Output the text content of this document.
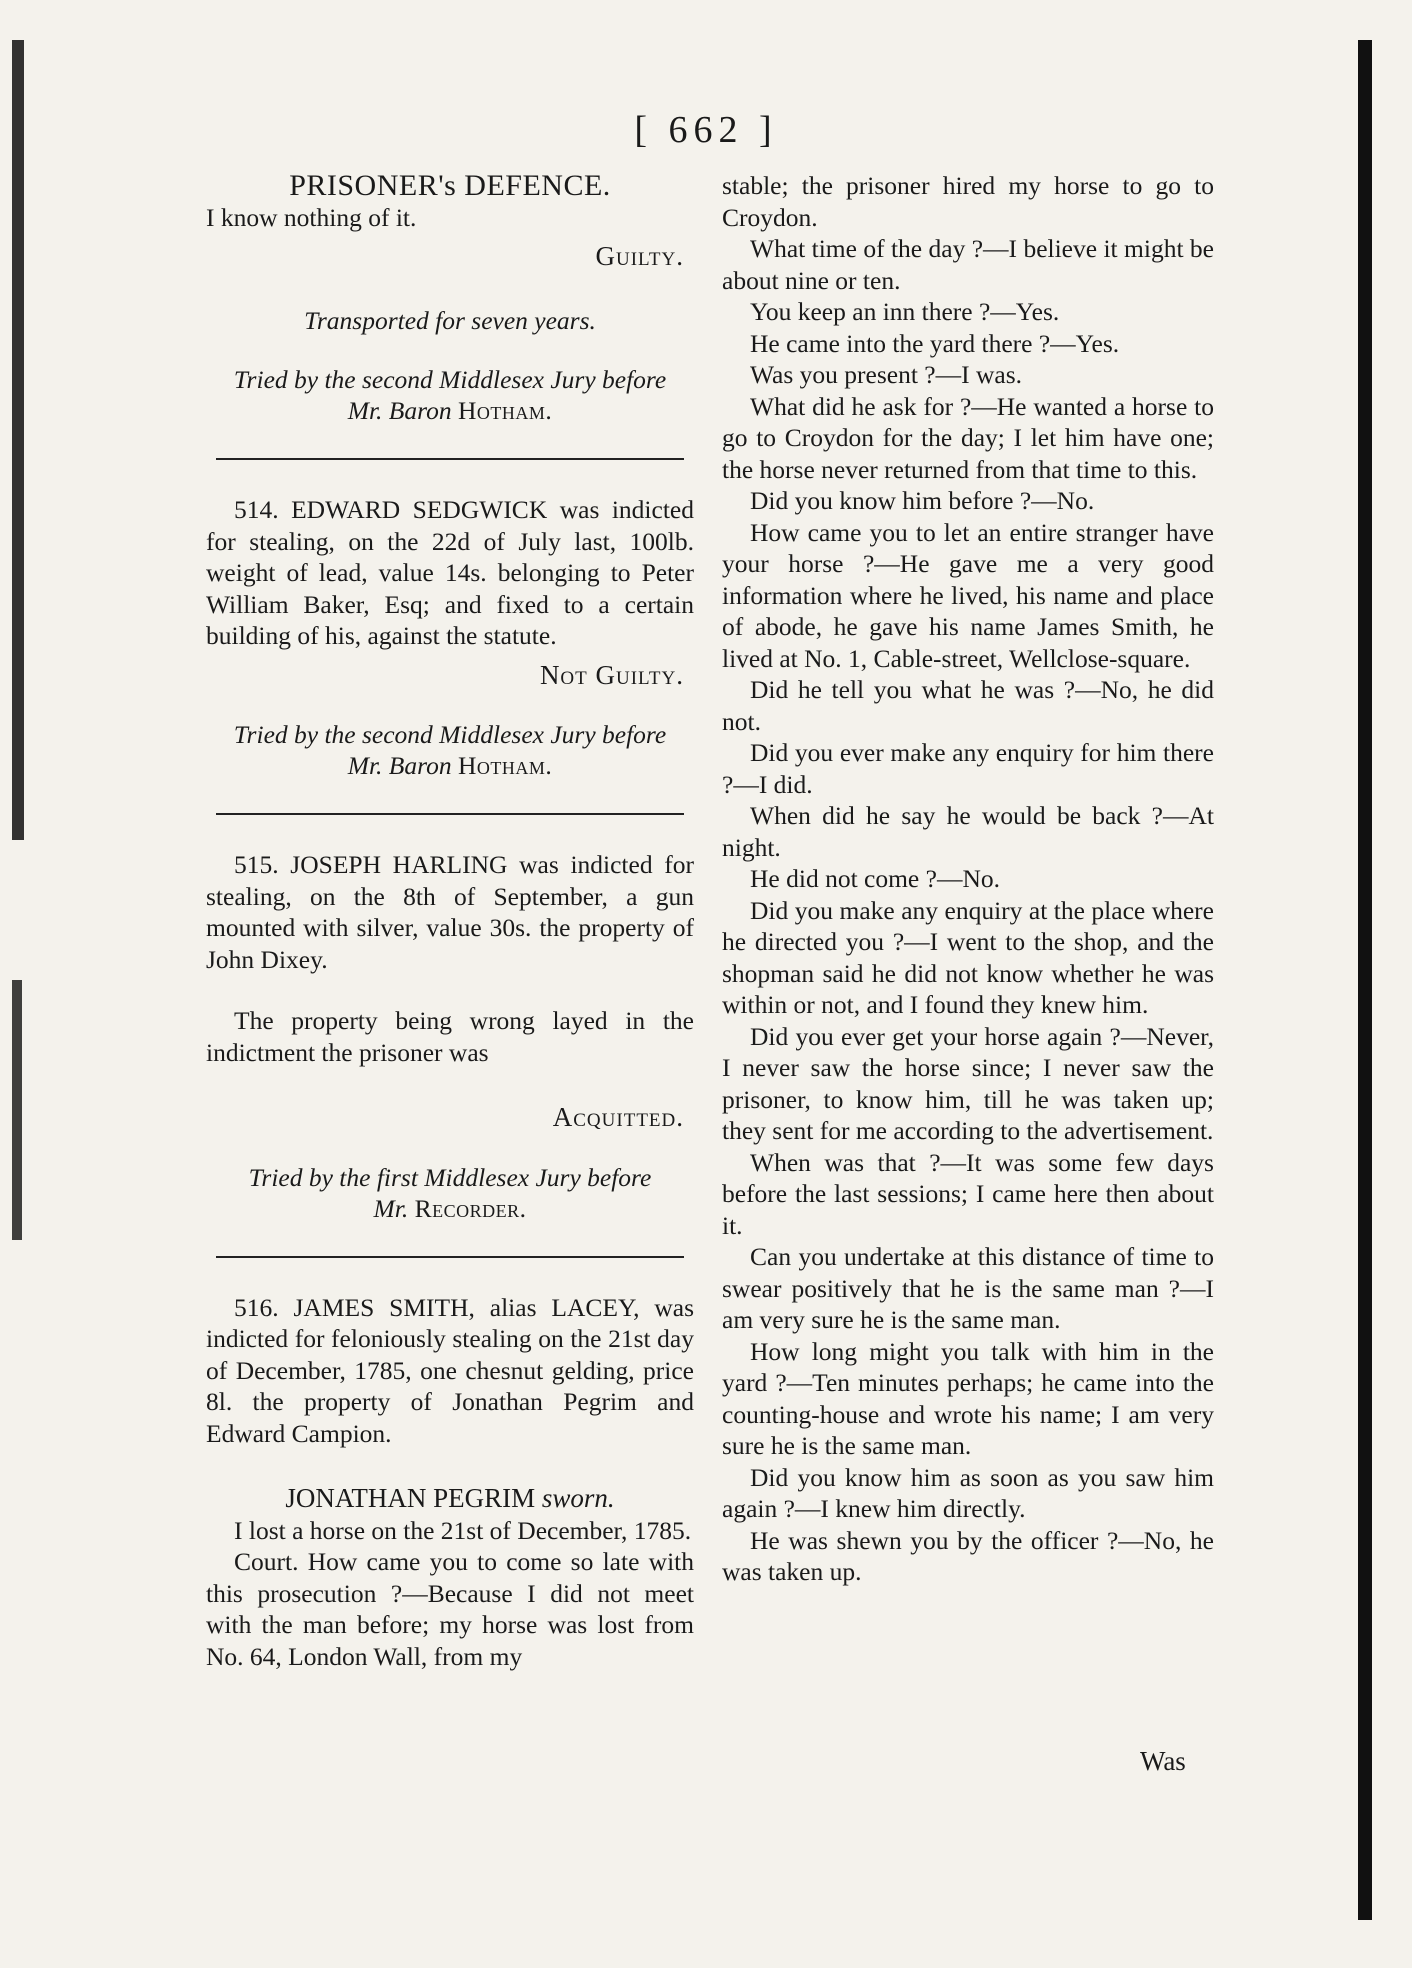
[ 662 ]

PRISONER's DEFENCE.

I know nothing of it.

Guilty.

Transported for seven years.

Tried by the second Middlesex Jury before
Mr. Baron Hotham.

514. EDWARD SEDGWICK was indicted for stealing, on the 22d of July last, 100lb. weight of lead, value 14s. belonging to Peter William Baker, Esq; and fixed to a certain building of his, against the statute.

Not Guilty.

Tried by the second Middlesex Jury before
Mr. Baron Hotham.

515. JOSEPH HARLING was indicted for stealing, on the 8th of September, a gun mounted with silver, value 30s. the property of John Dixey.

The property being wrong layed in the indictment the prisoner was

Acquitted.

Tried by the first Middlesex Jury before
Mr. Recorder.

516. JAMES SMITH, alias LACEY, was indicted for feloniously stealing on the 21st day of December, 1785, one chesnut gelding, price 8l. the property of Jonathan Pegrim and Edward Campion.

JONATHAN PEGRIM sworn.

I lost a horse on the 21st of December, 1785.

Court. How came you to come so late with this prosecution ?—Because I did not meet with the man before; my horse was lost from No. 64, London Wall, from my

stable; the prisoner hired my horse to go to Croydon.

What time of the day ?—I believe it might be about nine or ten.

You keep an inn there ?—Yes.

He came into the yard there ?—Yes.

Was you present ?—I was.

What did he ask for ?—He wanted a horse to go to Croydon for the day; I let him have one; the horse never returned from that time to this.

Did you know him before ?—No.

How came you to let an entire stranger have your horse ?—He gave me a very good information where he lived, his name and place of abode, he gave his name James Smith, he lived at No. 1, Cable-street, Wellclose-square.

Did he tell you what he was ?—No, he did not.

Did you ever make any enquiry for him there ?—I did.

When did he say he would be back ?—At night.

He did not come ?—No.

Did you make any enquiry at the place where he directed you ?—I went to the shop, and the shopman said he did not know whether he was within or not, and I found they knew him.

Did you ever get your horse again ?—Never, I never saw the horse since; I never saw the prisoner, to know him, till he was taken up; they sent for me according to the advertisement.

When was that ?—It was some few days before the last sessions; I came here then about it.

Can you undertake at this distance of time to swear positively that he is the same man ?—I am very sure he is the same man.

How long might you talk with him in the yard ?—Ten minutes perhaps; he came into the counting-house and wrote his name; I am very sure he is the same man.

Did you know him as soon as you saw him again ?—I knew him directly.

He was shewn you by the officer ?—No, he was taken up.

Was
